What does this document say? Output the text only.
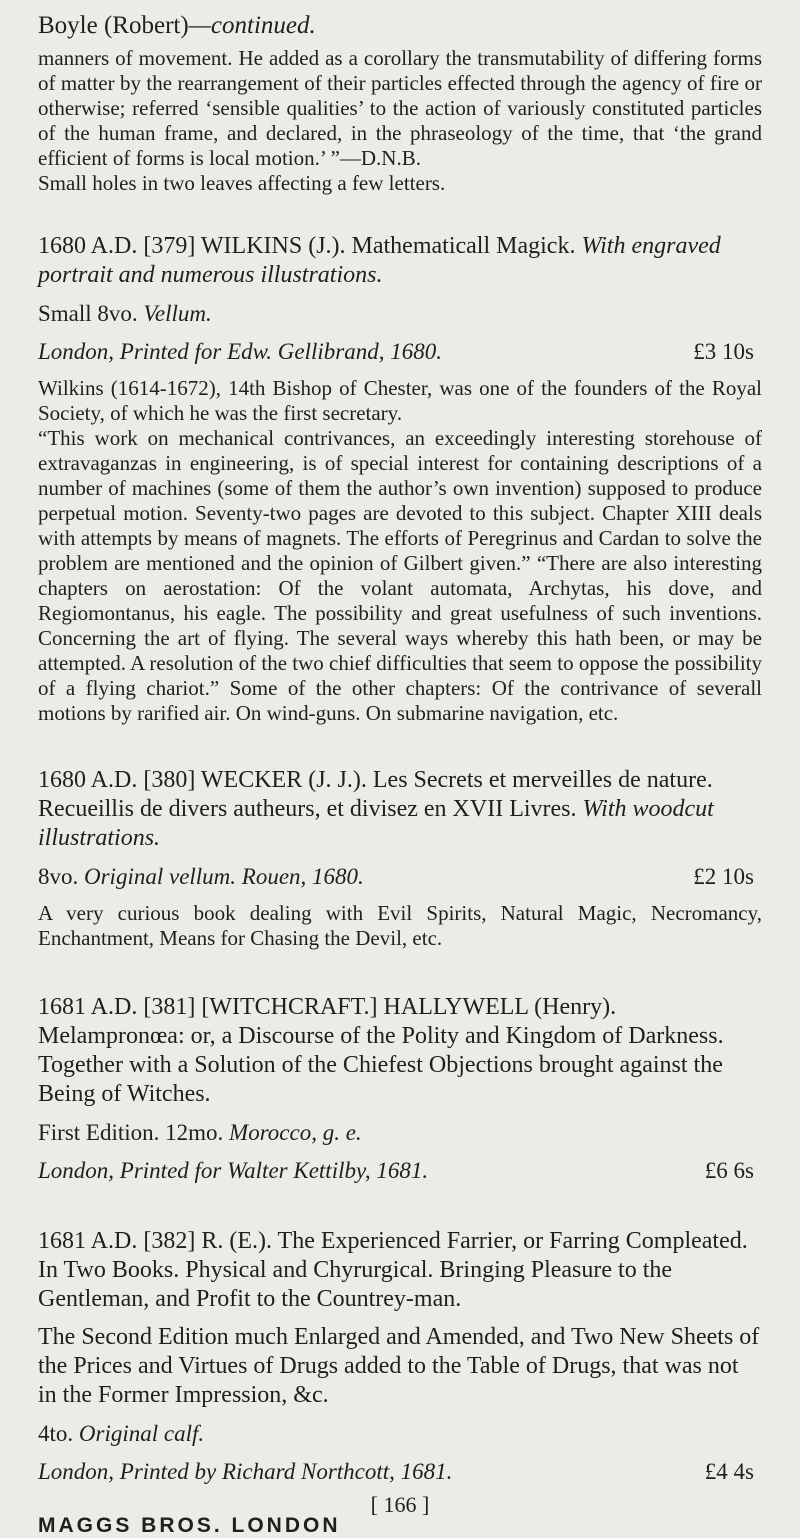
Boyle (Robert)—continued.

manners of movement. He added as a corollary the transmutability of differing forms of matter by the rearrangement of their particles effected through the agency of fire or otherwise; referred ‘sensible qualities’ to the action of variously constituted particles of the human frame, and declared, in the phraseology of the time, that ‘the grand efficient of forms is local motion.’ ”—D.N.B.

Small holes in two leaves affecting a few letters.

1680 A.D. [379] WILKINS (J.). Mathematicall Magick. With engraved portrait and numerous illustrations.
Small 8vo. Vellum.
London, Printed for Edw. Gellibrand, 1680.	£3 10s

Wilkins (1614-1672), 14th Bishop of Chester, was one of the founders of the Royal Society, of which he was the first secretary.

“This work on mechanical contrivances, an exceedingly interesting storehouse of extravaganzas in engineering, is of special interest for containing descriptions of a number of machines (some of them the author’s own invention) supposed to produce perpetual motion. Seventy-two pages are devoted to this subject. Chapter XIII deals with attempts by means of magnets. The efforts of Peregrinus and Cardan to solve the problem are mentioned and the opinion of Gilbert given.” “There are also interesting chapters on aerostation: Of the volant automata, Archytas, his dove, and Regiomontanus, his eagle. The possibility and great usefulness of such inventions. Concerning the art of flying. The several ways whereby this hath been, or may be attempted. A resolution of the two chief difficulties that seem to oppose the possibility of a flying chariot.” Some of the other chapters: Of the contrivance of severall motions by rarified air. On wind-guns. On submarine navigation, etc.

1680 A.D. [380] WECKER (J. J.). Les Secrets et merveilles de nature. Recueillis de divers autheurs, et divisez en XVII Livres. With woodcut illustrations.
8vo. Original vellum. Rouen, 1680.	£2 10s

A very curious book dealing with Evil Spirits, Natural Magic, Necromancy, Enchantment, Means for Chasing the Devil, etc.

1681 A.D. [381] [WITCHCRAFT.] HALLYWELL (Henry). Melampronœa: or, a Discourse of the Polity and Kingdom of Darkness. Together with a Solution of the Chiefest Objections brought against the Being of Witches.
First Edition. 12mo. Morocco, g. e.
London, Printed for Walter Kettilby, 1681.	£6 6s
1681 A.D. [382] R. (E.). The Experienced Farrier, or Farring Compleated. In Two Books. Physical and Chyrurgical. Bringing Pleasure to the Gentleman, and Profit to the Countrey-man.
The Second Edition much Enlarged and Amended, and Two New Sheets of the Prices and Virtues of Drugs added to the Table of Drugs, that was not in the Former Impression, &c.
4to. Original calf.
London, Printed by Richard Northcott, 1681.	£4 4s
[ 166 ]
MAGGS BROS. LONDON
